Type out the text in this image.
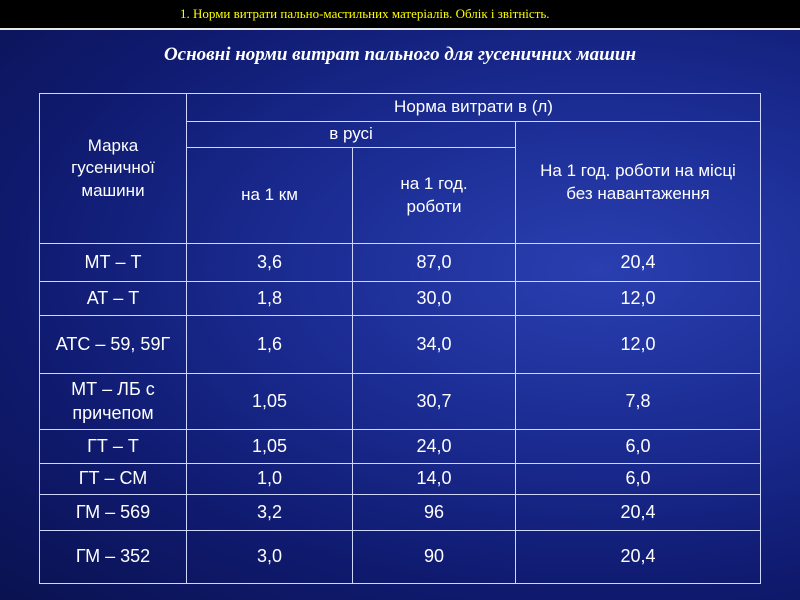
1. Норми витрати пально-мастильних матеріалів. Облік і звітність.
Основні норми витрат пального для гусеничних машин
Марка гусеничної машини	Норма витрати в (л)		
	в русі		На 1 год. роботи на місці без навантаження
	на 1 км	на 1 год. роботи	
МТ – Т	3,6	87,0	20,4
АТ – Т	1,8	30,0	12,0
АТС – 59, 59Г	1,6	34,0	12,0
МТ – ЛБ с причепом	1,05	30,7	7,8
ГТ – Т	1,05	24,0	6,0
ГТ – СМ	1,0	14,0	6,0
ГМ – 569	3,2	96	20,4
ГМ – 352	3,0	90	20,4
